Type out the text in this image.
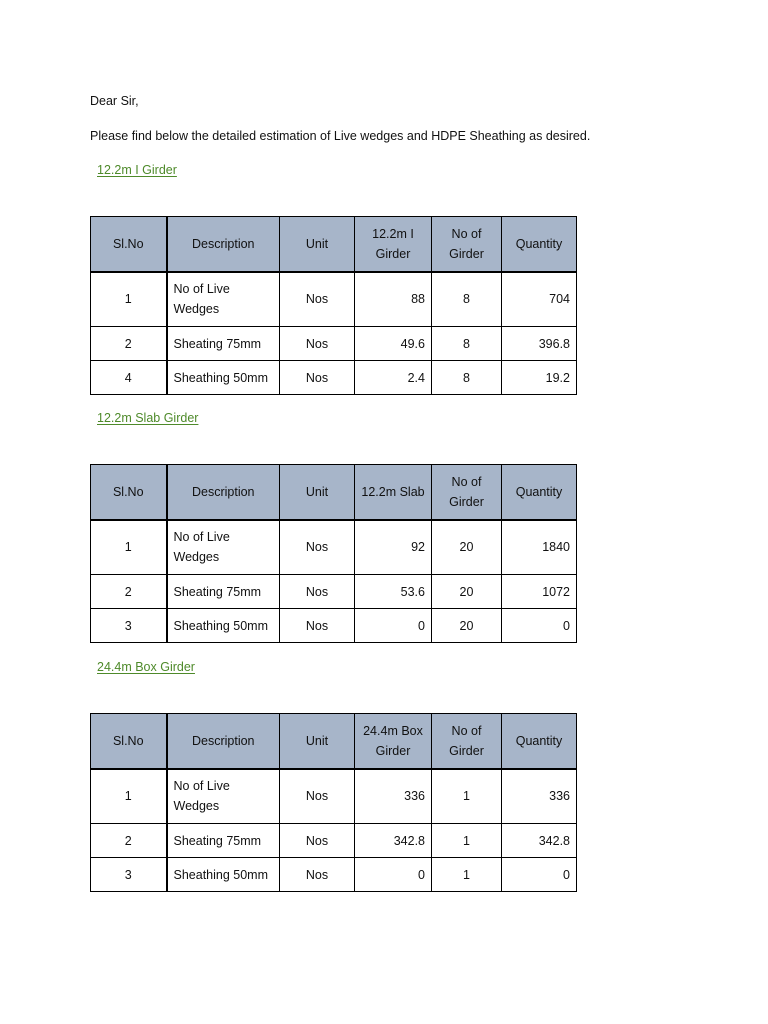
Dear Sir,
Please find below the detailed estimation of Live wedges and HDPE Sheathing as desired.
12.2m I Girder
Sl.No	Description	Unit	12.2m I Girder	No of Girder	Quantity
1	No of Live Wedges	Nos	88	8	704
2	Sheating 75mm	Nos	49.6	8	396.8
4	Sheathing 50mm	Nos	2.4	8	19.2
12.2m Slab Girder
Sl.No	Description	Unit	12.2m Slab	No of Girder	Quantity
1	No of Live Wedges	Nos	92	20	1840
2	Sheating 75mm	Nos	53.6	20	1072
3	Sheathing 50mm	Nos	0	20	0
24.4m Box Girder
Sl.No	Description	Unit	24.4m Box Girder	No of Girder	Quantity
1	No of Live Wedges	Nos	336	1	336
2	Sheating 75mm	Nos	342.8	1	342.8
3	Sheathing 50mm	Nos	0	1	0
